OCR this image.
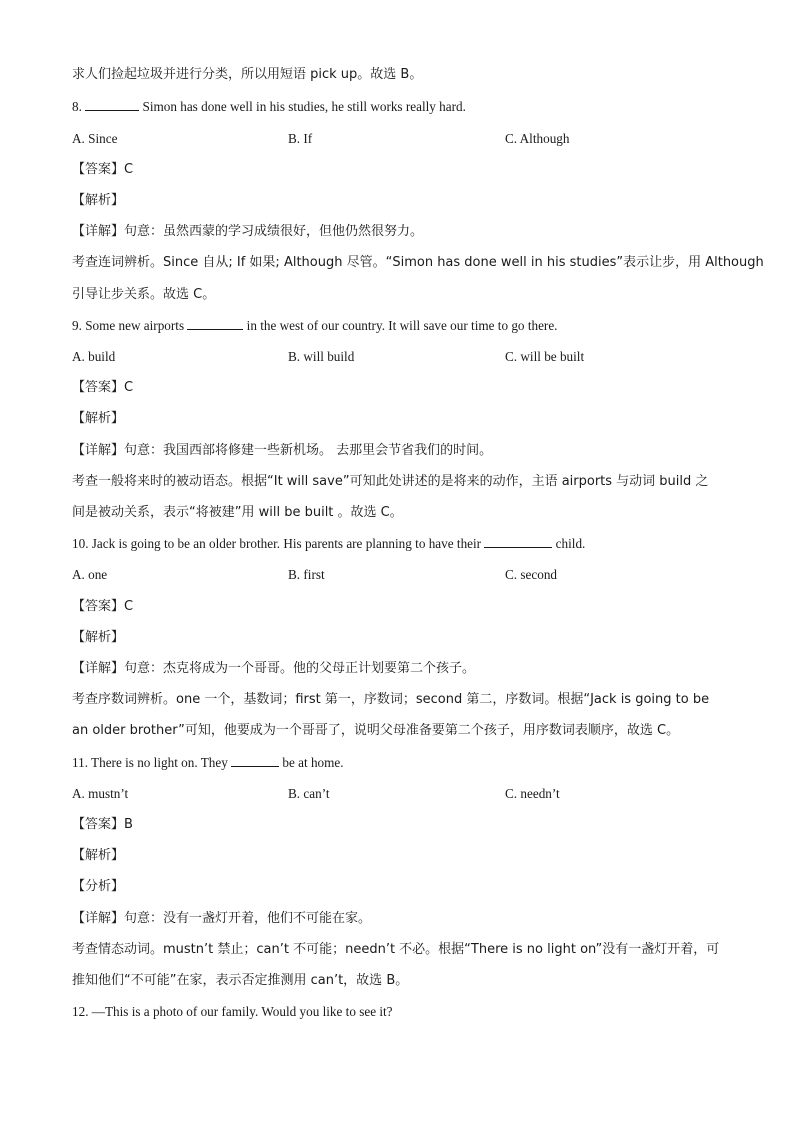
求人们捡起垃圾并进行分类，所以用短语 pick up。故选 B。
8.	Simon has done well in his studies, he still works really hard.
A. Since	B. If	C. Although
【答案】C
【解析】
【详解】句意：虽然西蒙的学习成绩很好，但他仍然很努力。
考查连词辨析。Since 自从; If 如果; Although 尽管。“Simon has done well in his studies”表示让步，用 Although
引导让步关系。故选 C。
9. Some new airports	in the west of our country. It will save our time to go there.
A. build	B. will build	C. will be built
【答案】C
【解析】
【详解】句意：我国西部将修建一些新机场。 去那里会节省我们的时间。
考查一般将来时的被动语态。根据“It will save”可知此处讲述的是将来的动作，主语 airports 与动词 build 之
间是被动关系，表示“将被建”用 will be built 。故选 C。
10. Jack is going to be an older brother. His parents are planning to have their	child.
A. one	B. first	C. second
【答案】C
【解析】
【详解】句意：杰克将成为一个哥哥。他的父母正计划要第二个孩子。
考查序数词辨析。one 一个，基数词；first 第一，序数词；second 第二，序数词。根据“Jack is going to be
an older brother”可知，他要成为一个哥哥了，说明父母准备要第二个孩子，用序数词表顺序，故选 C。
11. There is no light on. They	be at home.
A. mustn’t	B. can’t	C. needn’t
【答案】B
【解析】
【分析】
【详解】句意：没有一盏灯开着，他们不可能在家。
考查情态动词。mustn’t 禁止；can’t 不可能；needn’t 不必。根据“There is no light on”没有一盏灯开着，可
推知他们“不可能”在家，表示否定推测用 can’t，故选 B。
12. —This is a photo of our family. Would you like to see it?
